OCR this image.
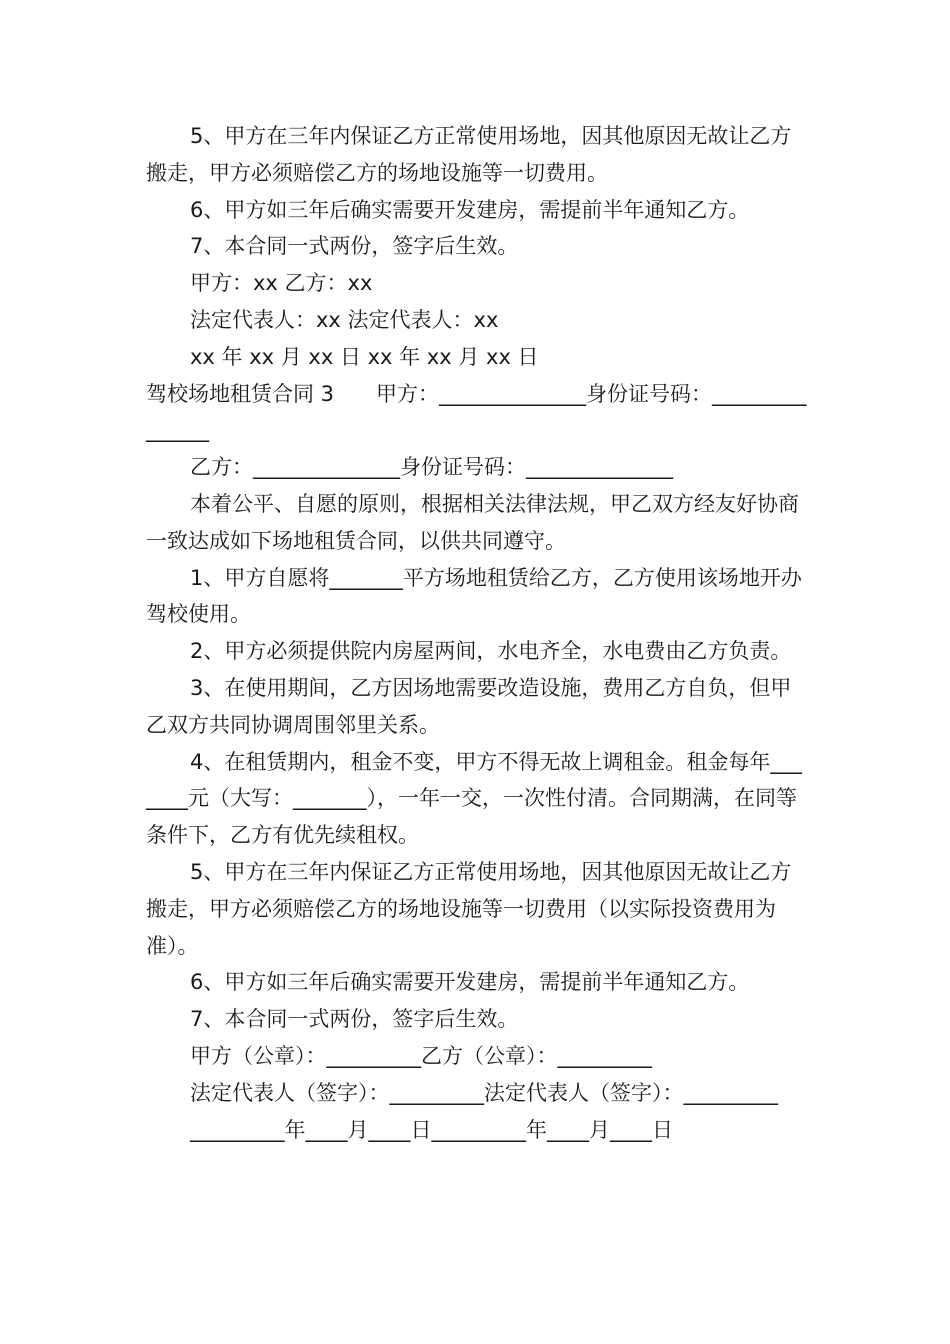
5、甲方在三年内保证乙方正常使用场地，因其他原因无故让乙方搬走，甲方必须赔偿乙方的场地设施等一切费用。

6、甲方如三年后确实需要开发建房，需提前半年通知乙方。

7、本合同一式两份，签字后生效。

甲方：xx 乙方：xx

法定代表人：xx 法定代表人：xx

xx 年 xx 月 xx 日 xx 年 xx 月 xx 日

驾校场地租赁合同 3　　甲方：______________身份证号码：_______________

乙方：______________身份证号码：______________

本着公平、自愿的原则，根据相关法律法规，甲乙双方经友好协商一致达成如下场地租赁合同，以供共同遵守。

1、甲方自愿将_______平方场地租赁给乙方，乙方使用该场地开办驾校使用。

2、甲方必须提供院内房屋两间，水电齐全，水电费由乙方负责。

3、在使用期间，乙方因场地需要改造设施，费用乙方自负，但甲乙双方共同协调周围邻里关系。

4、在租赁期内，租金不变，甲方不得无故上调租金。租金每年_______元（大写：_______），一年一交，一次性付清。合同期满，在同等条件下，乙方有优先续租权。

5、甲方在三年内保证乙方正常使用场地，因其他原因无故让乙方搬走，甲方必须赔偿乙方的场地设施等一切费用（以实际投资费用为准）。

6、甲方如三年后确实需要开发建房，需提前半年通知乙方。

7、本合同一式两份，签字后生效。

甲方（公章）：_________乙方（公章）：_________

法定代表人（签字）：_________法定代表人（签字）：_________

_________年____月____日_________年____月____日
